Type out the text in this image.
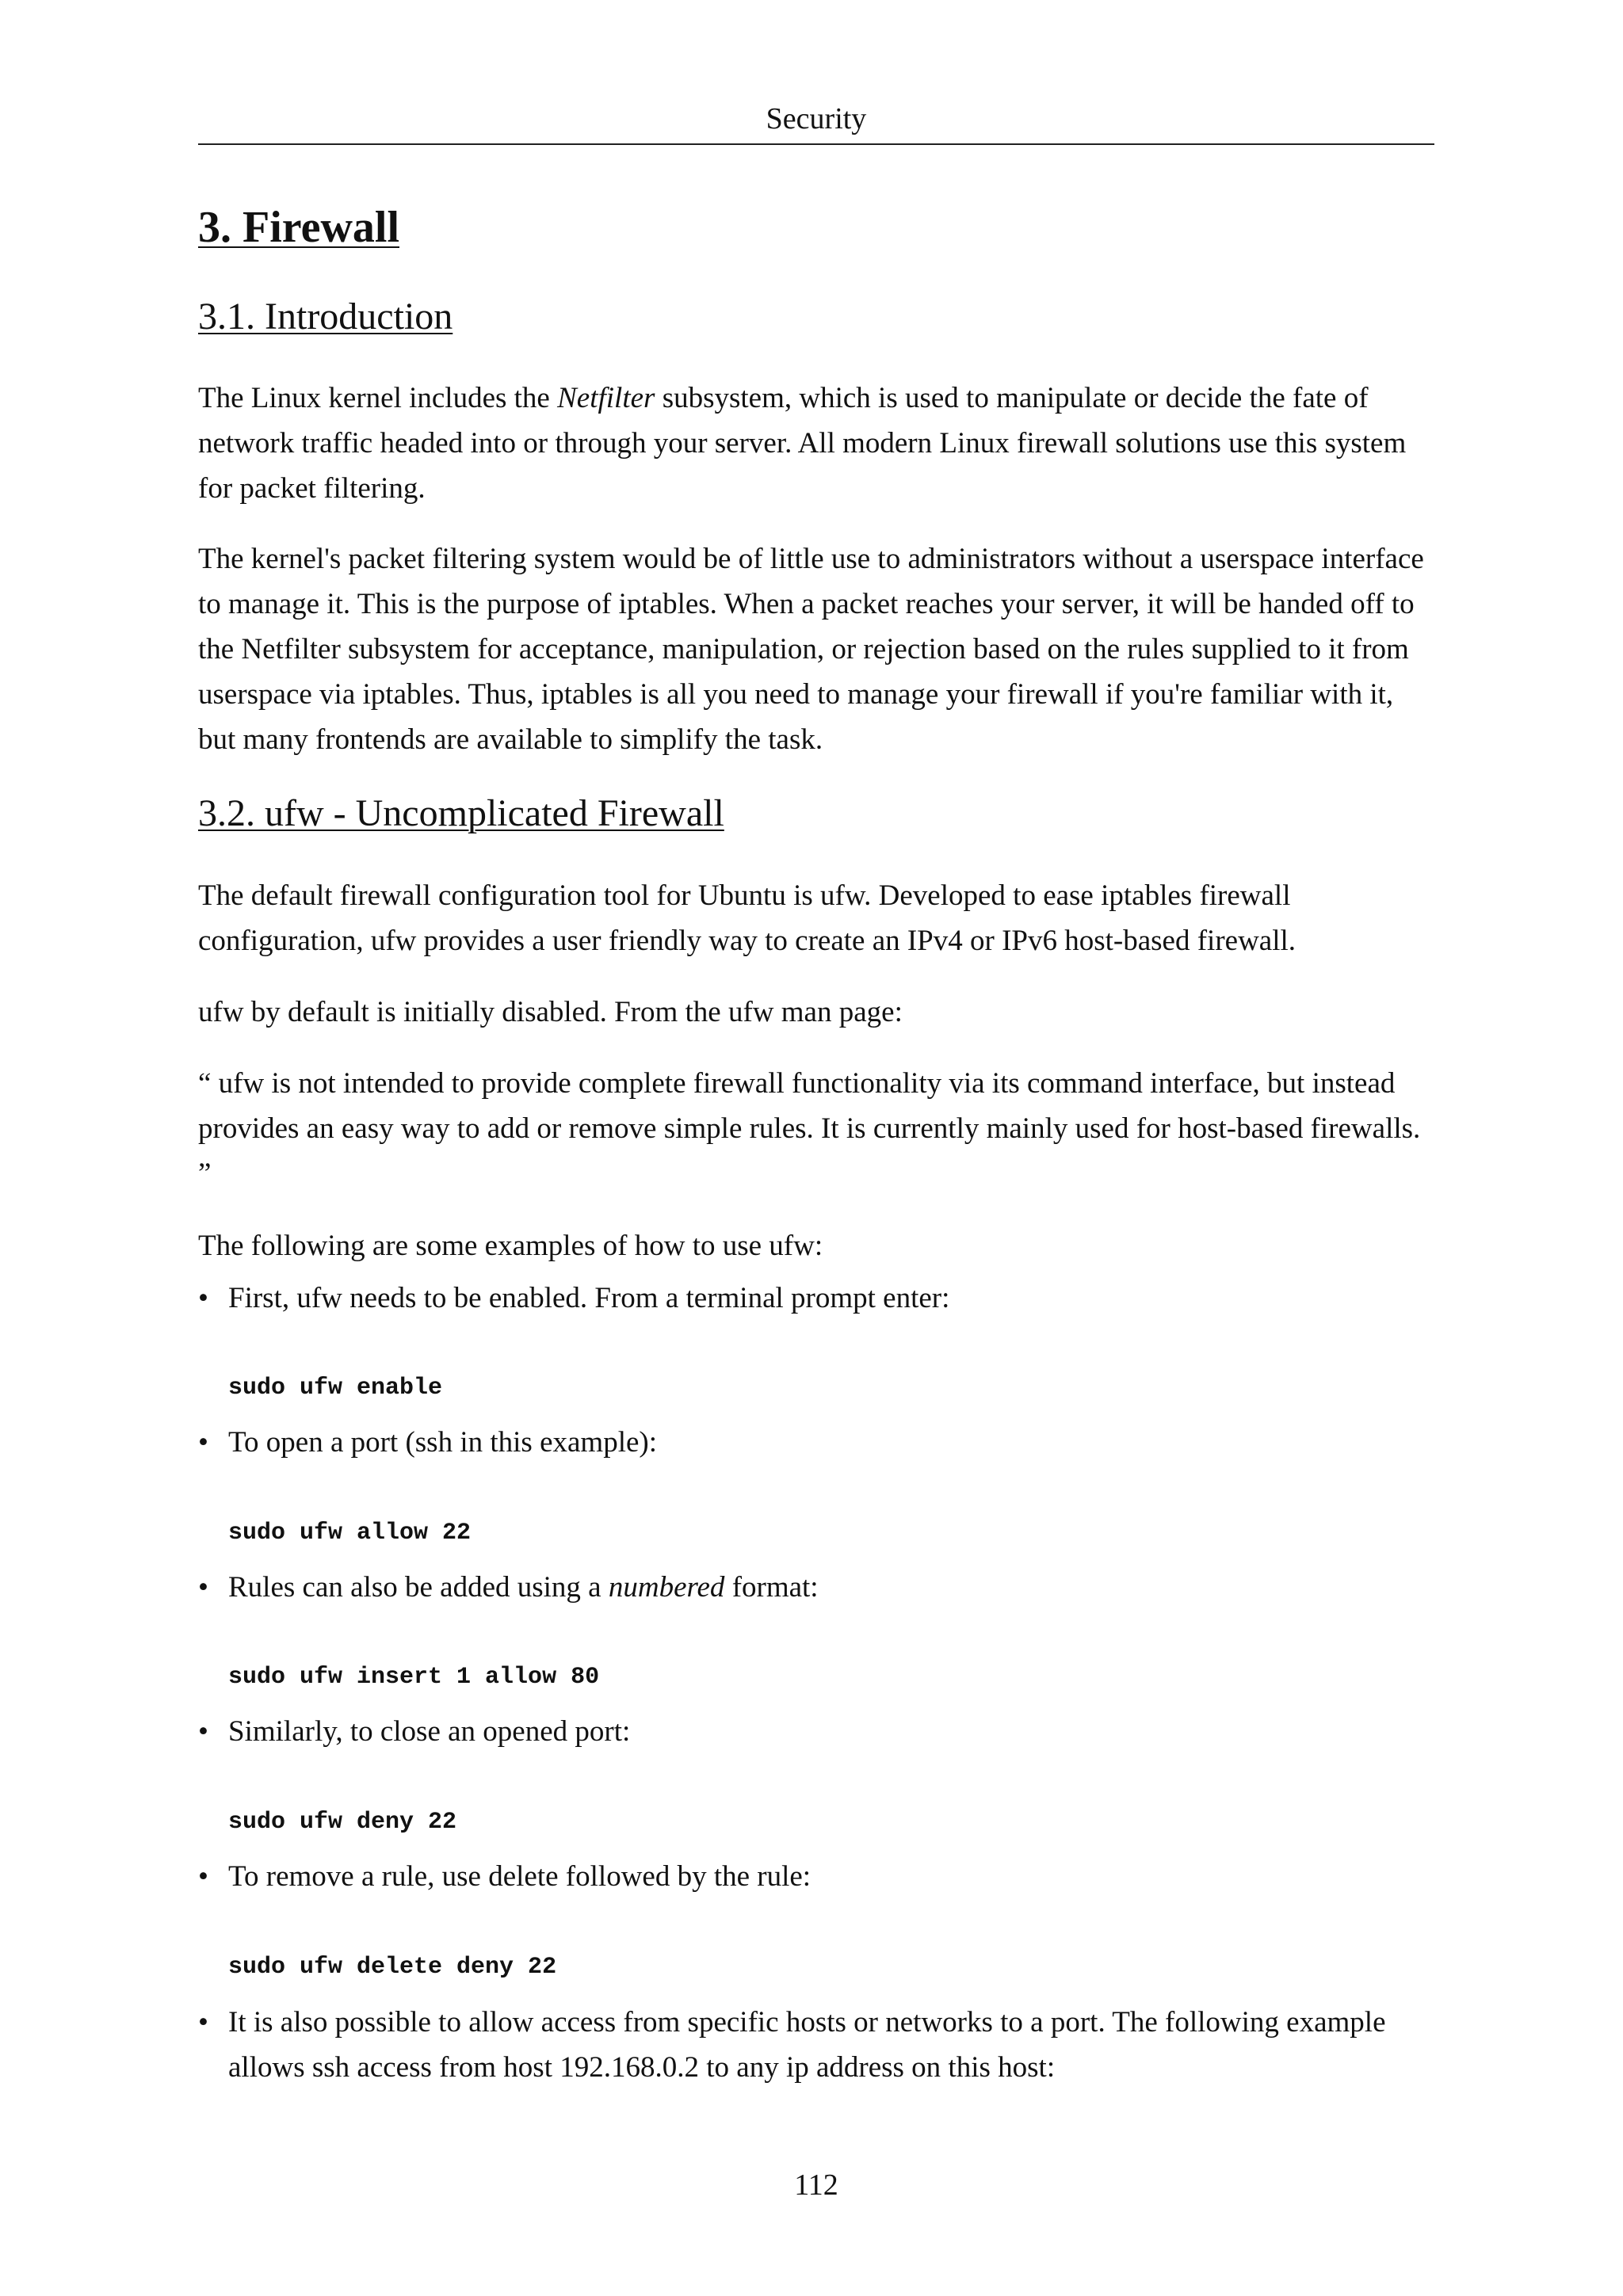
Security
3. Firewall
3.1. Introduction

The Linux kernel includes the Netfilter subsystem, which is used to manipulate or decide the fate of network traffic headed into or through your server. All modern Linux firewall solutions use this system for packet filtering.

The kernel's packet filtering system would be of little use to administrators without a userspace interface to manage it. This is the purpose of iptables. When a packet reaches your server, it will be handed off to the Netfilter subsystem for acceptance, manipulation, or rejection based on the rules supplied to it from userspace via iptables. Thus, iptables is all you need to manage your firewall if you're familiar with it, but many frontends are available to simplify the task.

3.2. ufw - Uncomplicated Firewall

The default firewall configuration tool for Ubuntu is ufw. Developed to ease iptables firewall configuration, ufw provides a user friendly way to create an IPv4 or IPv6 host-based firewall.

ufw by default is initially disabled. From the ufw man page:

“ ufw is not intended to provide complete firewall functionality via its command interface, but instead provides an easy way to add or remove simple rules. It is currently mainly used for host-based firewalls. ”

The following are some examples of how to use ufw:

• First, ufw needs to be enabled. From a terminal prompt enter:
sudo ufw enable
• To open a port (ssh in this example):
sudo ufw allow 22
• Rules can also be added using a numbered format:
sudo ufw insert 1 allow 80
• Similarly, to close an opened port:
sudo ufw deny 22
• To remove a rule, use delete followed by the rule:
sudo ufw delete deny 22
• It is also possible to allow access from specific hosts or networks to a port. The following example allows ssh access from host 192.168.0.2 to any ip address on this host:
112
